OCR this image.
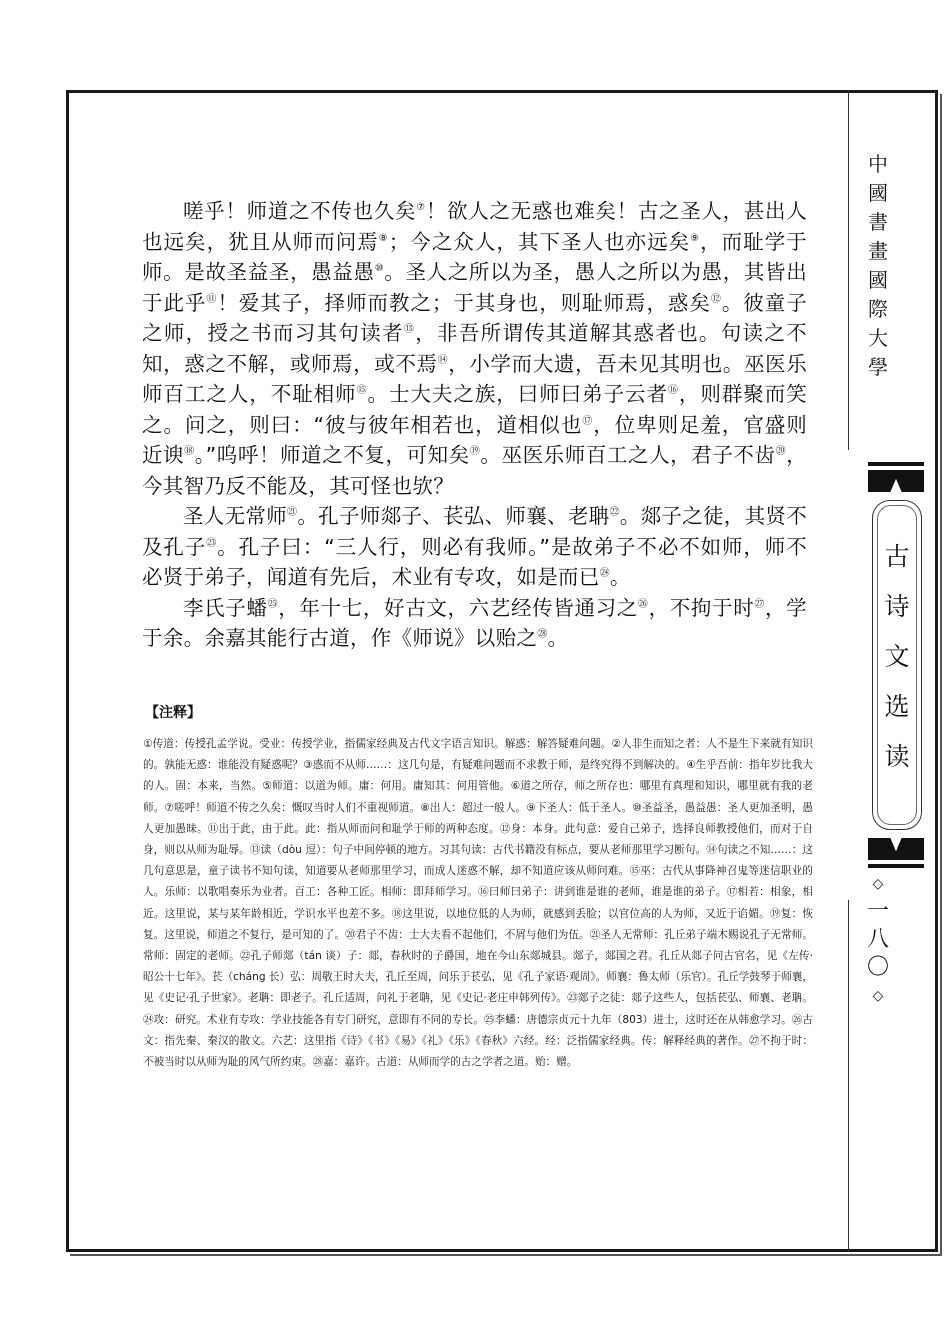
嗟乎！师道之不传也久矣⑦！欲人之无惑也难矣！古之圣人，甚出人也远矣，犹且从师而问焉⑧；今之众人，其下圣人也亦远矣⑨，而耻学于师。是故圣益圣，愚益愚⑩。圣人之所以为圣，愚人之所以为愚，其皆出于此乎⑪！爱其子，择师而教之；于其身也，则耻师焉，惑矣⑫。彼童子之师，授之书而习其句读者⑬，非吾所谓传其道解其惑者也。句读之不知，惑之不解，或师焉，或不焉⑭，小学而大遗，吾未见其明也。巫医乐师百工之人，不耻相师⑮。士大夫之族，曰师曰弟子云者⑯，则群聚而笑之。问之，则曰：“彼与彼年相若也，道相似也⑰，位卑则足羞，官盛则近谀⑱。”呜呼！师道之不复，可知矣⑲。巫医乐师百工之人，君子不齿⑳，今其智乃反不能及，其可怪也欤？

圣人无常师$^㉑$。孔子师郯子、苌弘、师襄、老聃$^㉒$。郯子之徒，其贤不及孔子$^㉓$。孔子曰：“三人行，则必有我师。”是故弟子不必不如师，师不必贤于弟子，闻道有先后，术业有专攻，如是而已$^㉔$。

李氏子蟠$^㉕$，年十七，好古文，六艺经传皆通习之$^㉖$，不拘于时$^㉗$，学于余。余嘉其能行古道，作《师说》以贻之$^㉘$。

【注释】
①传道：传授孔孟学说。受业：传授学业，指儒家经典及古代文字语言知识。解惑：解答疑难问题。②人非生而知之者：人不是生下来就有知识的。孰能无惑：谁能没有疑惑呢？③惑而不从师……：这几句是，有疑难问题而不求教于师，是终究得不到解决的。④生乎吾前：指年岁比我大的人。固：本来，当然。⑤师道：以道为师。庸：何用。庸知其：何用管他。⑥道之所存，师之所存也：哪里有真理和知识，哪里就有我的老师。⑦嗟呼！师道不传之久矣：慨叹当时人们不重视师道。⑧出人：超过一般人。⑨下圣人：低于圣人。⑩圣益圣，愚益愚：圣人更加圣明，愚人更加愚昧。⑪出于此，由于此。此：指从师而问和耻学于师的两种态度。⑫身：本身。此句意：爱自己弟子，选择良师教授他们，而对于自身，则以从师为耻辱。⑬读（dòu 逗）：句子中间停顿的地方。习其句读：古代书籍没有标点，要从老师那里学习断句。⑭句读之不知……：这几句意思是，童子读书不知句读，知道要从老师那里学习，而成人迷惑不解，却不知道应该从师问难。⑮巫：古代从事降神召鬼等迷信职业的人。乐师：以歌唱奏乐为业者。百工：各种工匠。相师：即拜师学习。⑯曰师曰弟子：讲到谁是谁的老师，谁是谁的弟子。⑰相若：相象，相近。这里说，某与某年龄相近，学识水平也差不多。⑱这里说，以地位低的人为师，就感到丢脸；以官位高的人为师，又近于谄媚。⑲复：恢复。这里说，师道之不复行，是可知的了。⑳君子不齿：士大夫看不起他们，不屑与他们为伍。㉑圣人无常师：孔丘弟子端木赐说孔子无常师。常师：固定的老师。㉒孔子师郯（tán 谈）子：郯，春秋时的子爵国，地在今山东郯城县。郯子，郯国之君。孔丘从郯子问古官名，见《左传·昭公十七年》。苌（cháng 长）弘：周敬王时大夫，孔丘至周，问乐于苌弘，见《孔子家语·观周》。师襄：鲁太师（乐官）。孔丘学鼓琴于师襄，见《史记·孔子世家》。老聃：即老子。孔丘适周，问礼于老聃，见《史记·老庄申韩列传》。㉓郯子之徒：郯子这些人，包括苌弘、师襄、老聃。㉔攻：研究。术业有专攻：学业技能各有专门研究，意即有不同的专长。㉕李蟠：唐德宗贞元十九年（803）进士，这时还在从韩愈学习。㉖古文：指先秦、秦汉的散文。六艺：这里指《诗》《书》《易》《礼》《乐》《春秋》六经。经：泛指儒家经典。传：解释经典的著作。㉗不拘于时：不被当时以从师为耻的风气所约束。㉘嘉：嘉许。古道：从师而学的古之学者之道。贻：赠。
中
國
書
畫
國
際
大
學
古
诗
文
选
读
◇
一
八
〇
◇
